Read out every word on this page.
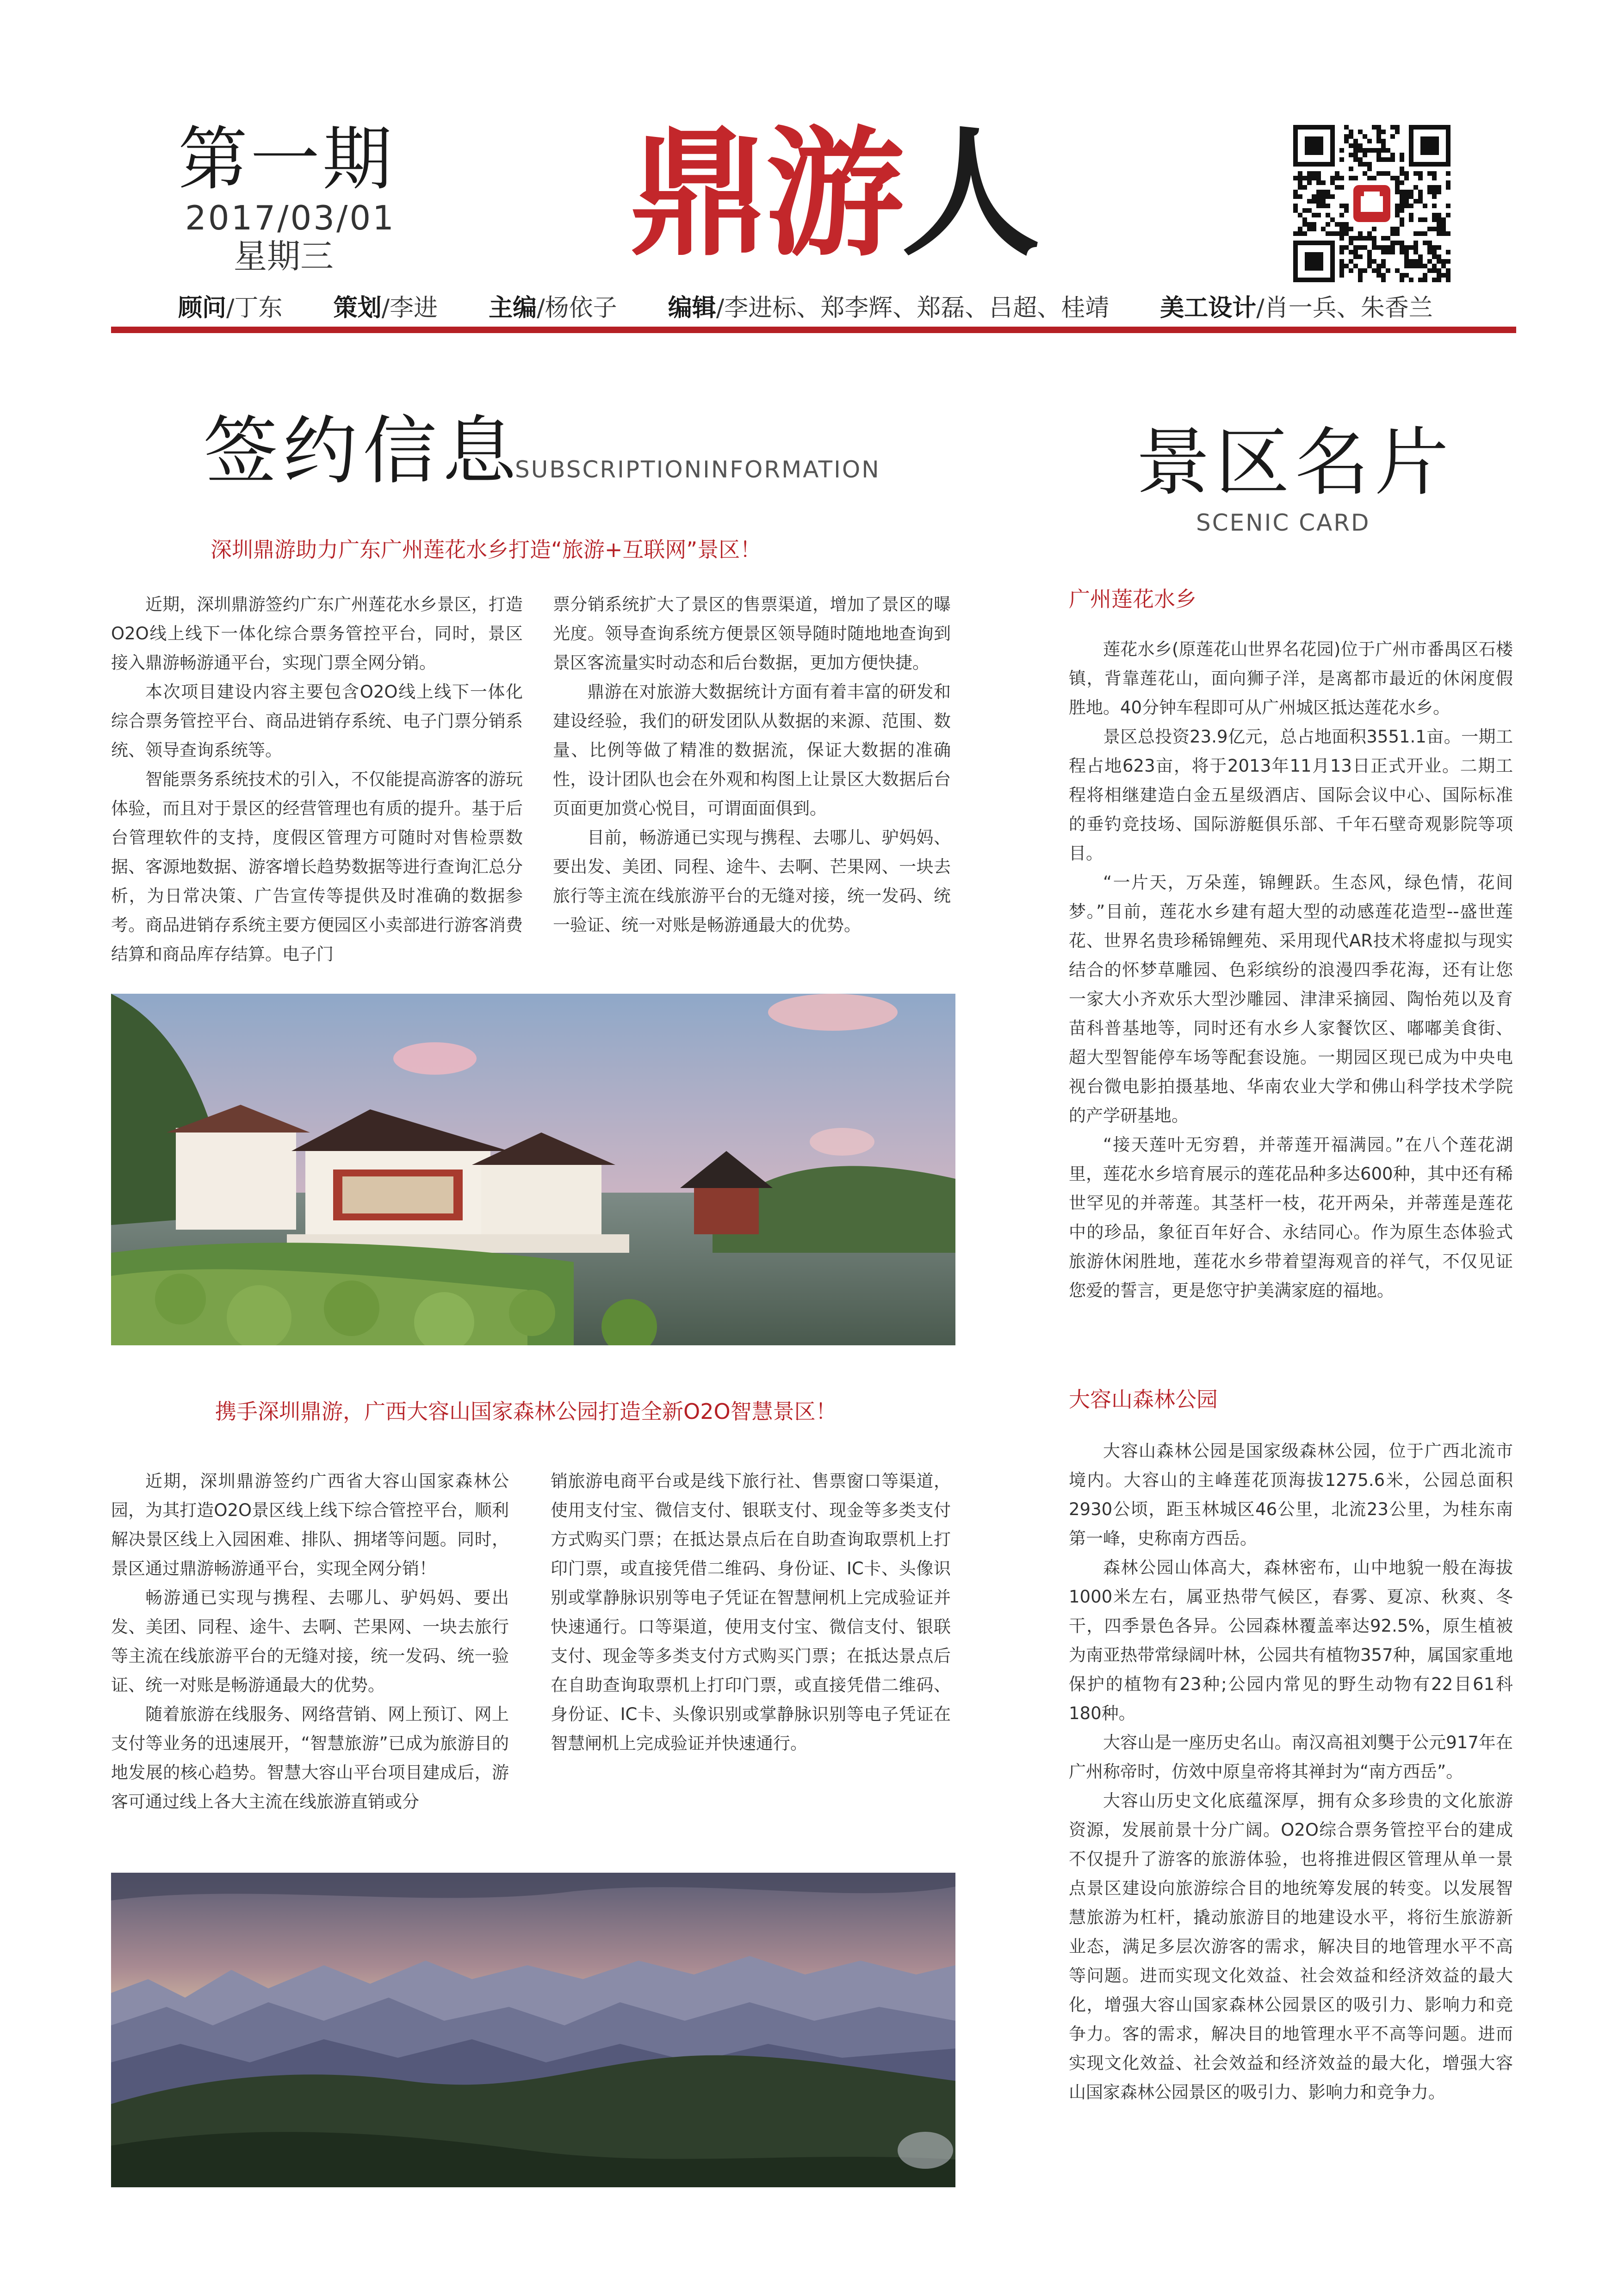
第一期
2017/03/01
星期三 鼎游人
顾问/丁东 策划/李进 主编/杨依子 编辑/李进标、郑李辉、郑磊、吕超、桂靖 美工设计/肖一兵、朱香兰
签约信息
SUBSCRIPTIONINFORMATION
深圳鼎游助力广东广州莲花水乡打造“旅游+互联网”景区！

近期，深圳鼎游签约广东广州莲花水乡景区，打造O2O线上线下一体化综合票务管控平台，同时，景区接入鼎游畅游通平台，实现门票全网分销。

本次项目建设内容主要包含O2O线上线下一体化综合票务管控平台、商品进销存系统、电子门票分销系统、领导查询系统等。

智能票务系统技术的引入，不仅能提高游客的游玩体验，而且对于景区的经营管理也有质的提升。基于后台管理软件的支持，度假区管理方可随时对售检票数据、客源地数据、游客增长趋势数据等进行查询汇总分析，为日常决策、广告宣传等提供及时准确的数据参考。商品进销存系统主要方便园区小卖部进行游客消费结算和商品库存结算。电子门

票分销系统扩大了景区的售票渠道，增加了景区的曝光度。领导查询系统方便景区领导随时随地地查询到景区客流量实时动态和后台数据，更加方便快捷。

鼎游在对旅游大数据统计方面有着丰富的研发和建设经验，我们的研发团队从数据的来源、范围、数量、比例等做了精准的数据流，保证大数据的准确性，设计团队也会在外观和构图上让景区大数据后台页面更加赏心悦目，可谓面面俱到。

目前，畅游通已实现与携程、去哪儿、驴妈妈、要出发、美团、同程、途牛、去啊、芒果网、一块去旅行等主流在线旅游平台的无缝对接，统一发码、统一验证、统一对账是畅游通最大的优势。

携手深圳鼎游，广西大容山国家森林公园打造全新O2O智慧景区！

近期，深圳鼎游签约广西省大容山国家森林公园，为其打造O2O景区线上线下综合管控平台，顺利解决景区线上入园困难、排队、拥堵等问题。同时，景区通过鼎游畅游通平台，实现全网分销！

畅游通已实现与携程、去哪儿、驴妈妈、要出发、美团、同程、途牛、去啊、芒果网、一块去旅行等主流在线旅游平台的无缝对接，统一发码、统一验证、统一对账是畅游通最大的优势。

随着旅游在线服务、网络营销、网上预订、网上支付等业务的迅速展开，“智慧旅游”已成为旅游目的地发展的核心趋势。智慧大容山平台项目建成后，游客可通过线上各大主流在线旅游直销或分

销旅游电商平台或是线下旅行社、售票窗口等渠道，使用支付宝、微信支付、银联支付、现金等多类支付方式购买门票；在抵达景点后在自助查询取票机上打印门票，或直接凭借二维码、身份证、IC卡、头像识别或掌静脉识别等电子凭证在智慧闸机上完成验证并快速通行。口等渠道，使用支付宝、微信支付、银联支付、现金等多类支付方式购买门票；在抵达景点后在自助查询取票机上打印门票，或直接凭借二维码、身份证、IC卡、头像识别或掌静脉识别等电子凭证在智慧闸机上完成验证并快速通行。

景区名片
SCENIC CARD
广州莲花水乡

莲花水乡(原莲花山世界名花园)位于广州市番禺区石楼镇，背靠莲花山，面向狮子洋，是离都市最近的休闲度假胜地。40分钟车程即可从广州城区抵达莲花水乡。

景区总投资23.9亿元，总占地面积3551.1亩。一期工程占地623亩，将于2013年11月13日正式开业。二期工程将相继建造白金五星级酒店、国际会议中心、国际标准的垂钓竞技场、国际游艇俱乐部、千年石壁奇观影院等项目。

“一片天，万朵莲，锦鲤跃。生态风，绿色情，花间梦。”目前，莲花水乡建有超大型的动感莲花造型--盛世莲花、世界名贵珍稀锦鲤苑、采用现代AR技术将虚拟与现实结合的怀梦草雕园、色彩缤纷的浪漫四季花海，还有让您一家大小齐欢乐大型沙雕园、津津采摘园、陶怡苑以及育苗科普基地等，同时还有水乡人家餐饮区、嘟嘟美食街、超大型智能停车场等配套设施。一期园区现已成为中央电视台微电影拍摄基地、华南农业大学和佛山科学技术学院的产学研基地。

“接天莲叶无穷碧，并蒂莲开福满园。”在八个莲花湖里，莲花水乡培育展示的莲花品种多达600种，其中还有稀世罕见的并蒂莲。其茎杆一枝，花开两朵，并蒂莲是莲花中的珍品，象征百年好合、永结同心。作为原生态体验式旅游休闲胜地，莲花水乡带着望海观音的祥气，不仅见证您爱的誓言，更是您守护美满家庭的福地。

大容山森林公园

大容山森林公园是国家级森林公园，位于广西北流市境内。大容山的主峰莲花顶海拔1275.6米，公园总面积2930公顷，距玉林城区46公里，北流23公里，为桂东南第一峰，史称南方西岳。

森林公园山体高大，森林密布，山中地貌一般在海拔1000米左右，属亚热带气候区，春雾、夏凉、秋爽、冬干，四季景色各异。公园森林覆盖率达92.5%，原生植被为南亚热带常绿阔叶林，公园共有植物357种，属国家重地保护的植物有23种;公园内常见的野生动物有22目61科180种。

大容山是一座历史名山。南汉高祖刘龑于公元917年在广州称帝时，仿效中原皇帝将其禅封为“南方西岳”。

大容山历史文化底蕴深厚，拥有众多珍贵的文化旅游资源，发展前景十分广阔。O2O综合票务管控平台的建成不仅提升了游客的旅游体验，也将推进假区管理从单一景点景区建设向旅游综合目的地统筹发展的转变。以发展智慧旅游为杠杆，撬动旅游目的地建设水平，将衍生旅游新业态，满足多层次游客的需求，解决目的地管理水平不高等问题。进而实现文化效益、社会效益和经济效益的最大化，增强大容山国家森林公园景区的吸引力、影响力和竞争力。客的需求，解决目的地管理水平不高等问题。进而实现文化效益、社会效益和经济效益的最大化，增强大容山国家森林公园景区的吸引力、影响力和竞争力。
